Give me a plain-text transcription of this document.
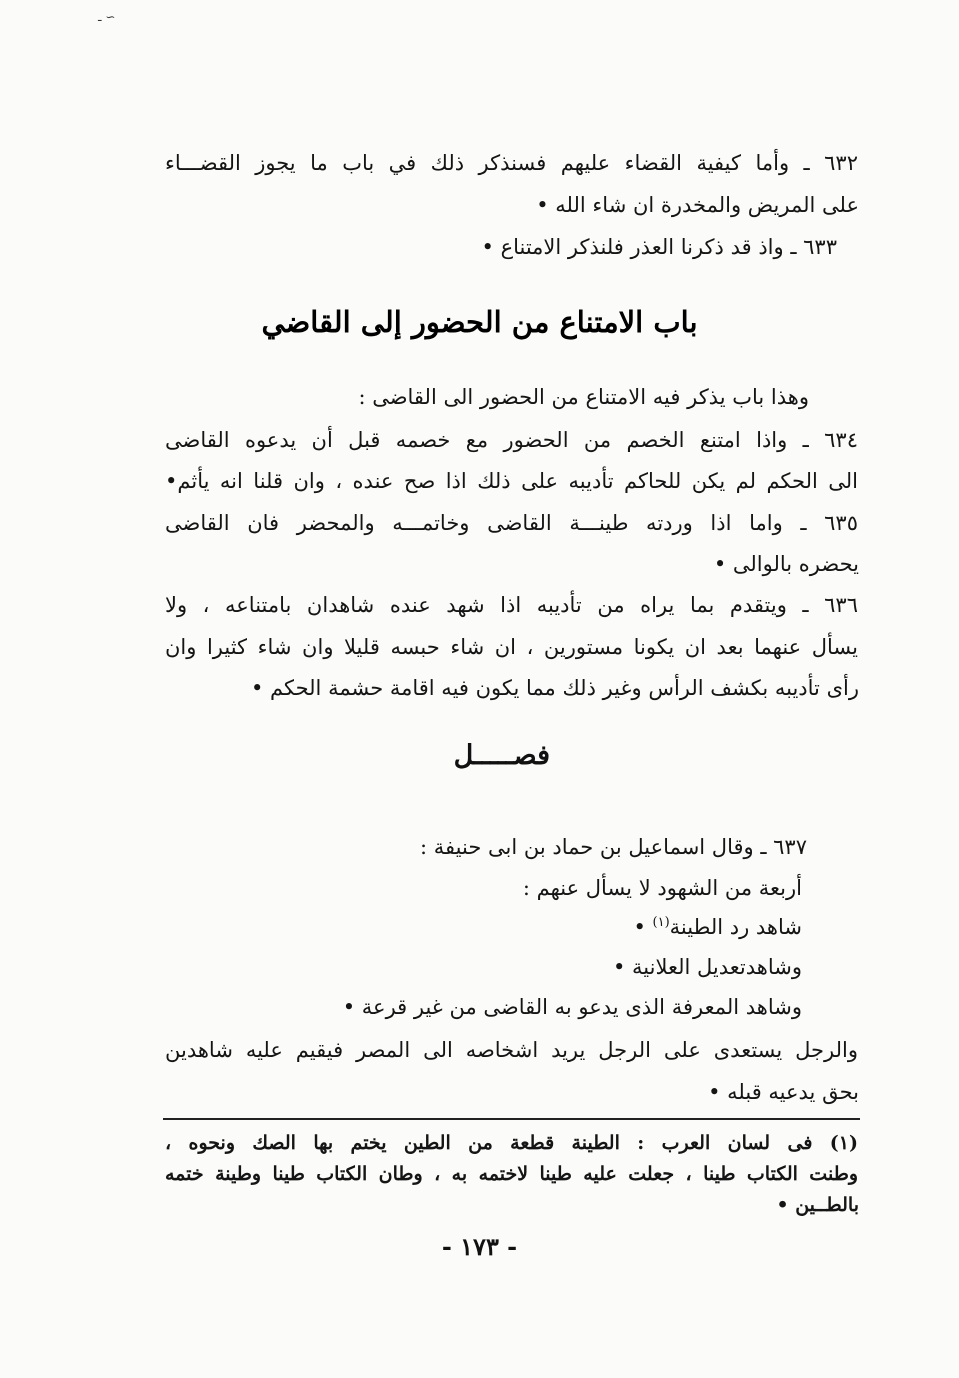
ـ ∽
٦٣٢ ـ وأما كيفية القضاء عليهم فسنذكر ذلك في باب ما يجوز القضـــاء
على المريض والمخدرة ان شاء الله •
٦٣٣ ـ واذ قد ذكرنا العذر فلنذكر الامتناع •
باب الامتناع من الحضور إلى القاضي
وهذا باب يذكر فيه الامتناع من الحضور الى القاضى :
٦٣٤ ـ واذا امتنع الخصم من الحضور مع خصمه قبل أن يدعوه القاضى
الى الحكم لم يكن للحاكم تأديبه على ذلك اذا صح عنده ، وان قلنا انه يأثم•
٦٣٥ ـ واما اذا وردته طينـــة القاضى وخاتمـــه والمحضر فان القاضى
يحضره بالوالى •
٦٣٦ ـ ويتقدم بما يراه من تأديبه اذا شهد عنده شاهدان بامتناعه ، ولا
يسأل عنهما بعد ان يكونا مستورين ، ان شاء حبسه قليلا وان شاء كثيرا وان
رأى تأديبه بكشف الرأس وغير ذلك مما يكون فيه اقامة حشمة الحكم •
فصـــــل
٦٣٧ ـ وقال اسماعيل بن حماد بن ابى حنيفة :
أربعة من الشهود لا يسأل عنهم :
شاهد رد الطينة$^{(١)}$ •
وشاهدتعديل العلانية •
وشاهد المعرفة الذى يدعو به القاضى من غير قرعة •
والرجل يستعدى على الرجل يريد اشخاصه الى المصر فيقيم عليه شاهدين
بحق يدعيه قبله •
(١) فى لسان العرب : الطينة قطعة من الطين يختم بها الصك ونحوه ،
وطنت الكتاب طينا ، جعلت عليه طينا لاختمه به ، وطان الكتاب طينا وطينة ختمه
بالطــين •
- ١٧٣ -
